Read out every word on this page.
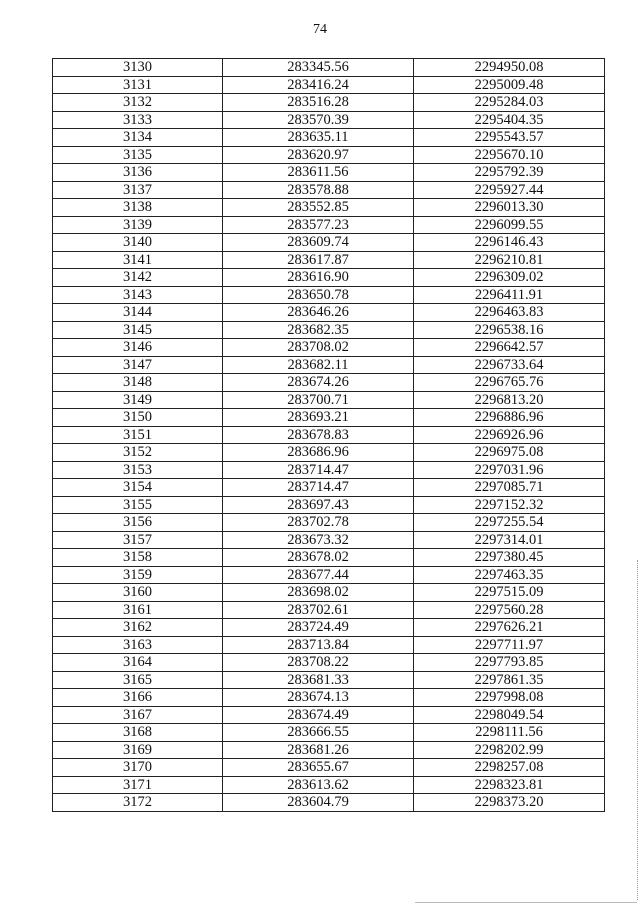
74
3130	283345.56	2294950.08
3131	283416.24	2295009.48
3132	283516.28	2295284.03
3133	283570.39	2295404.35
3134	283635.11	2295543.57
3135	283620.97	2295670.10
3136	283611.56	2295792.39
3137	283578.88	2295927.44
3138	283552.85	2296013.30
3139	283577.23	2296099.55
3140	283609.74	2296146.43
3141	283617.87	2296210.81
3142	283616.90	2296309.02
3143	283650.78	2296411.91
3144	283646.26	2296463.83
3145	283682.35	2296538.16
3146	283708.02	2296642.57
3147	283682.11	2296733.64
3148	283674.26	2296765.76
3149	283700.71	2296813.20
3150	283693.21	2296886.96
3151	283678.83	2296926.96
3152	283686.96	2296975.08
3153	283714.47	2297031.96
3154	283714.47	2297085.71
3155	283697.43	2297152.32
3156	283702.78	2297255.54
3157	283673.32	2297314.01
3158	283678.02	2297380.45
3159	283677.44	2297463.35
3160	283698.02	2297515.09
3161	283702.61	2297560.28
3162	283724.49	2297626.21
3163	283713.84	2297711.97
3164	283708.22	2297793.85
3165	283681.33	2297861.35
3166	283674.13	2297998.08
3167	283674.49	2298049.54
3168	283666.55	2298111.56
3169	283681.26	2298202.99
3170	283655.67	2298257.08
3171	283613.62	2298323.81
3172	283604.79	2298373.20
